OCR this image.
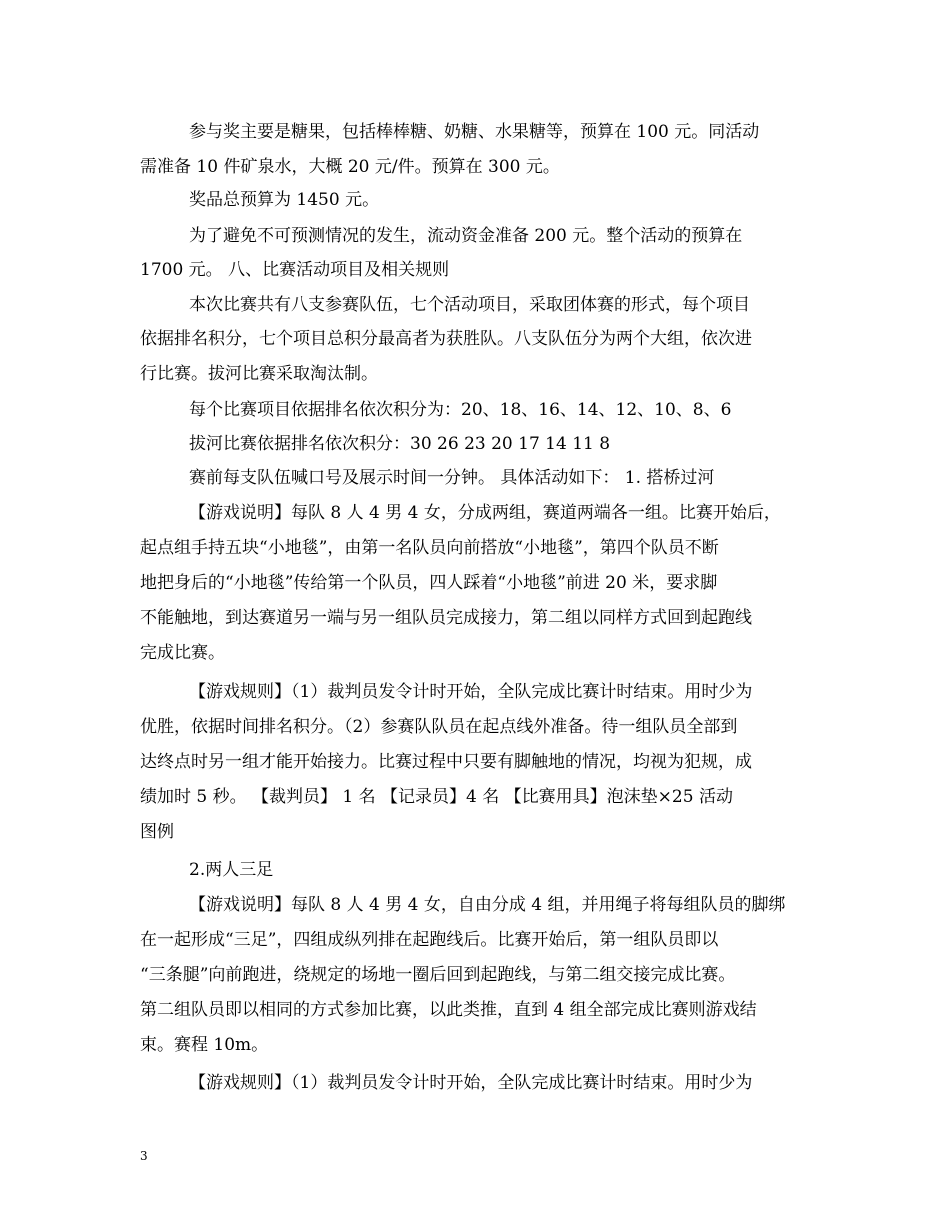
参与奖主要是糖果，包括棒棒糖、奶糖、水果糖等，预算在 100 元。同活动
需准备 10 件矿泉水，大概 20 元/件。预算在 300 元。
奖品总预算为 1450 元。
为了避免不可预测情况的发生，流动资金准备 200 元。整个活动的预算在
1700 元。 八、比赛活动项目及相关规则
本次比赛共有八支参赛队伍，七个活动项目，采取团体赛的形式，每个项目
依据排名积分，七个项目总积分最高者为获胜队。八支队伍分为两个大组，依次进
行比赛。拔河比赛采取淘汰制。
每个比赛项目依据排名依次积分为：20、18、16、14、12、10、8、6
拔河比赛依据排名依次积分：30 26 23 20 17 14 11 8
赛前每支队伍喊口号及展示时间一分钟。 具体活动如下： 1. 搭桥过河
【游戏说明】每队 8 人 4 男 4 女，分成两组，赛道两端各一组。比赛开始后，
起点组手持五块“小地毯”，由第一名队员向前搭放“小地毯”，第四个队员不断
地把身后的“小地毯”传给第一个队员，四人踩着“小地毯”前进 20 米，要求脚
不能触地，到达赛道另一端与另一组队员完成接力，第二组以同样方式回到起跑线
完成比赛。
【游戏规则】（1）裁判员发令计时开始，全队完成比赛计时结束。用时少为
优胜，依据时间排名积分。（2）参赛队队员在起点线外准备。待一组队员全部到
达终点时另一组才能开始接力。比赛过程中只要有脚触地的情况，均视为犯规，成
绩加时 5 秒。 【裁判员】 1 名 【记录员】4 名 【比赛用具】泡沫垫×25 活动
图例
2.两人三足
【游戏说明】每队 8 人 4 男 4 女，自由分成 4 组，并用绳子将每组队员的脚绑
在一起形成“三足”，四组成纵列排在起跑线后。比赛开始后，第一组队员即以
“三条腿”向前跑进，绕规定的场地一圈后回到起跑线，与第二组交接完成比赛。
第二组队员即以相同的方式参加比赛，以此类推，直到 4 组全部完成比赛则游戏结
束。赛程 10m。
【游戏规则】（1）裁判员发令计时开始，全队完成比赛计时结束。用时少为
3
